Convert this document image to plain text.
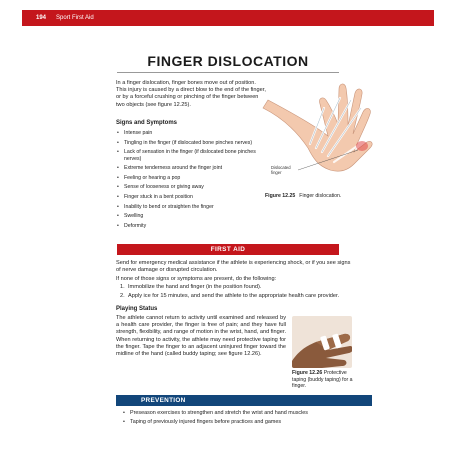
194 Sport First Aid
FINGER DISLOCATION
In a finger dislocation, finger bones move out of position. This injury is caused by a direct blow to the end of the finger, or by a forceful crushing or pinching of the finger between two objects (see figure 12.25).
Signs and Symptoms
• Intense pain
• Tingling in the finger (if dislocated bone pinches nerves)
• Lack of sensation in the finger (if dislocated bone pinches nerves)
• Extreme tenderness around the finger joint
• Feeling or hearing a pop
• Sense of looseness or giving away
• Finger stuck in a bent position
• Inability to bend or straighten the finger
• Swelling
• Deformity
Dislocated finger
Figure 12.25 Finger dislocation.
FIRST AID
Send for emergency medical assistance if the athlete is experiencing shock, or if you see signs of nerve damage or disrupted circulation.
If none of those signs or symptoms are present, do the following:
1. Immobilize the hand and finger (in the position found).
2. Apply ice for 15 minutes, and send the athlete to the appropriate health care provider.
Playing Status
The athlete cannot return to activity until examined and released by a health care provider, the finger is free of pain; and they have full strength, flexibility, and range of motion in the wrist, hand, and finger. When returning to activity, the athlete may need protective taping for the finger. Tape the finger to an adjacent uninjured finger toward the midline of the hand (called buddy taping; see figure 12.26).
Figure 12.26 Protective taping (buddy taping) for a finger.
PREVENTION
• Preseason exercises to strengthen and stretch the wrist and hand muscles
• Taping of previously injured fingers before practices and games
